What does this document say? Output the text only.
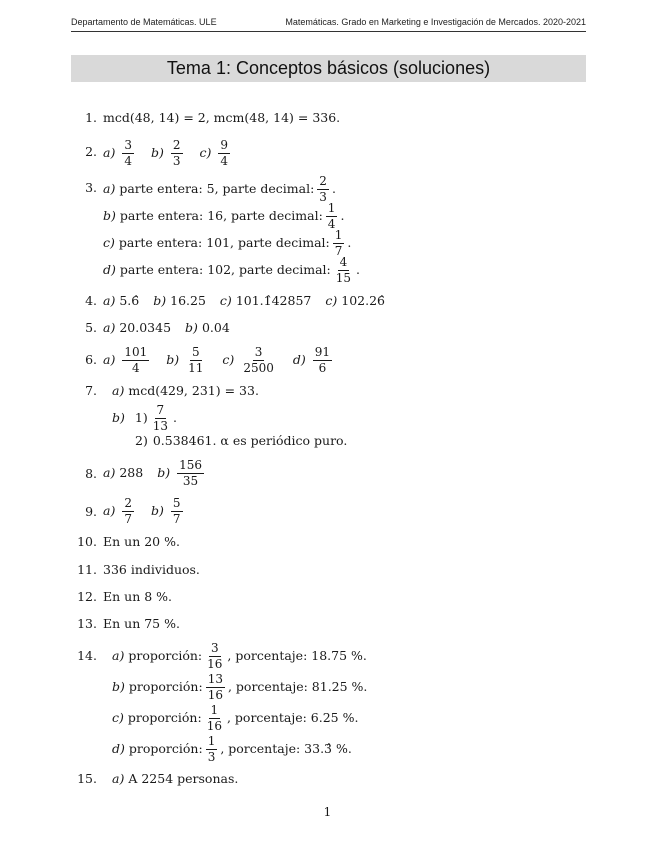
Departamento de Matemáticas. ULE	Matemáticas. Grado en Marketing e Investigación de Mercados. 2020-2021
Tema 1: Conceptos básicos (soluciones)
1. mcd(48, 14) = 2, mcm(48, 14) = 336.
2. $a) \frac{3}{4} b) \frac{2}{3} c) \frac{9}{4}$
3. a) parte entera: 5, parte decimal: $\frac{2}{3}$ .
b) parte entera: 16, parte decimal: $\frac{1}{4}$ .
c) parte entera: 101, parte decimal: $\frac{1}{7}$ .
d) parte entera: 102, parte decimal: $\frac{4}{15}$ .
4. a) 5.6̂ b) 16.25 c) 101.1̂42857 c) 102.26̂
5. a) 20.0345 b) 0.04
6. $a) \frac{101}{4} b) \frac{5}{11} c) \frac{3}{2500} d) \frac{91}{6}$
7. a) mcd(429, 231) = 33.
b) $1) \frac{7}{13}$ .
2) 0.538461. α es periódico puro.
8. a) 288 $b) \frac{156}{35}$
9. $a) \frac{2}{7} b) \frac{5}{7}$
10. En un 20 %.
11. 336 individuos.
12. En un 8 %.
13. En un 75 %.
14. a) proporción: $\frac{3}{16}$ , porcentaje: 18.75 %.
b) proporción: $\frac{13}{16}$ , porcentaje: 81.25 %.
c) proporción: $\frac{1}{16}$ , porcentaje: 6.25 %.
d) proporción: $\frac{1}{3}$ , porcentaje: 33.3̂ %.
15. a) A 2254 personas.
1
